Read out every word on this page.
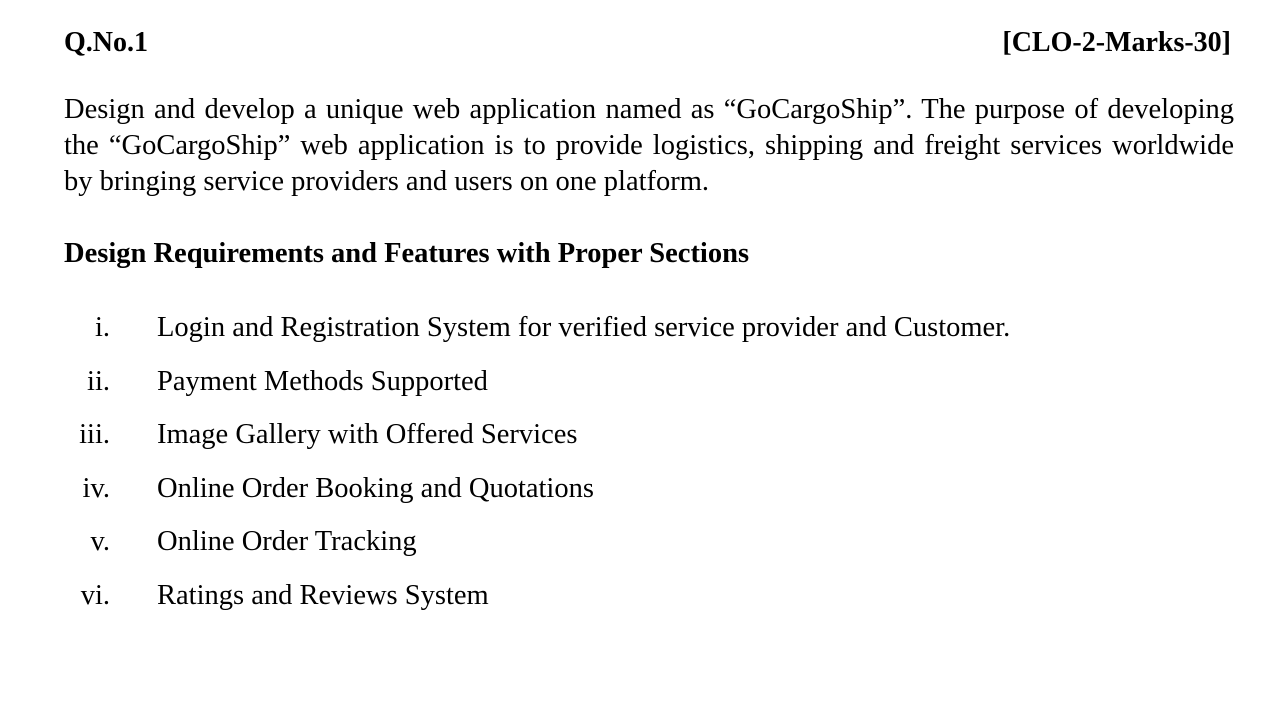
Q.No.1	[CLO-2-Marks-30]

Design and develop a unique web application named as “GoCargoShip”. The purpose of developing the “GoCargoShip” web application is to provide logistics, shipping and freight services worldwide by bringing service providers and users on one platform.

Design Requirements and Features with Proper Sections
i. Login and Registration System for verified service provider and Customer.
ii. Payment Methods Supported
iii. Image Gallery with Offered Services
iv. Online Order Booking and Quotations
v. Online Order Tracking
vi. Ratings and Reviews System
